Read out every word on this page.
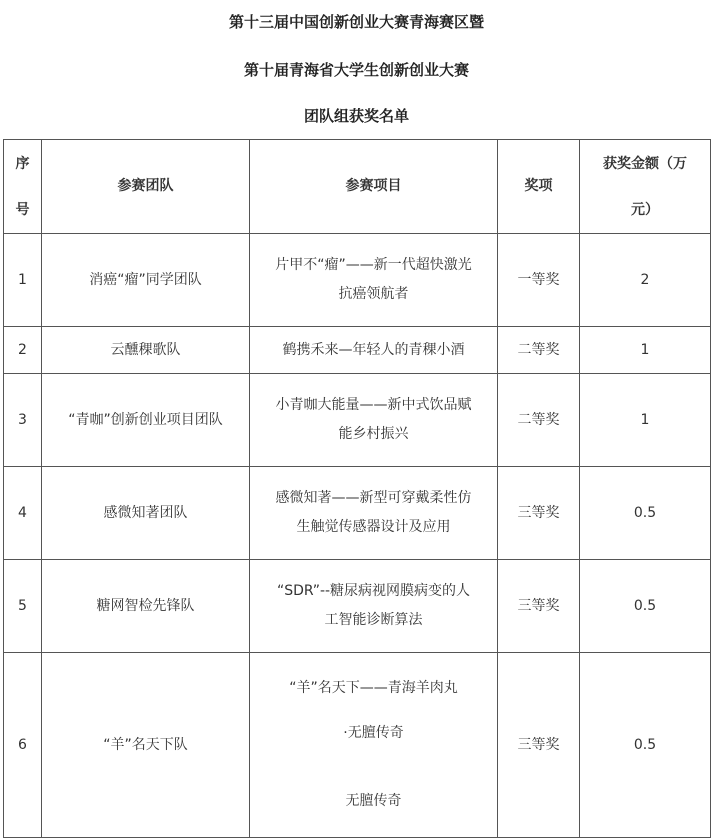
第十三届中国创新创业大赛青海赛区暨

第十届青海省大学生创新创业大赛

团队组获奖名单

序
号	参赛团队	参赛项目	奖项	获奖金额（万
元）

1	消癌“瘤”同学团队	片甲不“瘤”——新一代超快激光
抗癌领航者	一等奖	2
2	云醺稞歌队	鹤携禾来—年轻人的青稞小酒	二等奖	1
3	“青咖”创新创业项目团队	小青咖大能量——新中式饮品赋
能乡村振兴	二等奖	1
4	感微知著团队	感微知著——新型可穿戴柔性仿
生触觉传感器设计及应用	三等奖	0.5
5	糖网智检先锋队	“SDR”--糖尿病视网膜病变的人
工智能诊断算法	三等奖	0.5
6	“羊”名天下队	“羊”名天下——青海羊肉丸
·无膻传奇
无膻传奇	三等奖	0.5
